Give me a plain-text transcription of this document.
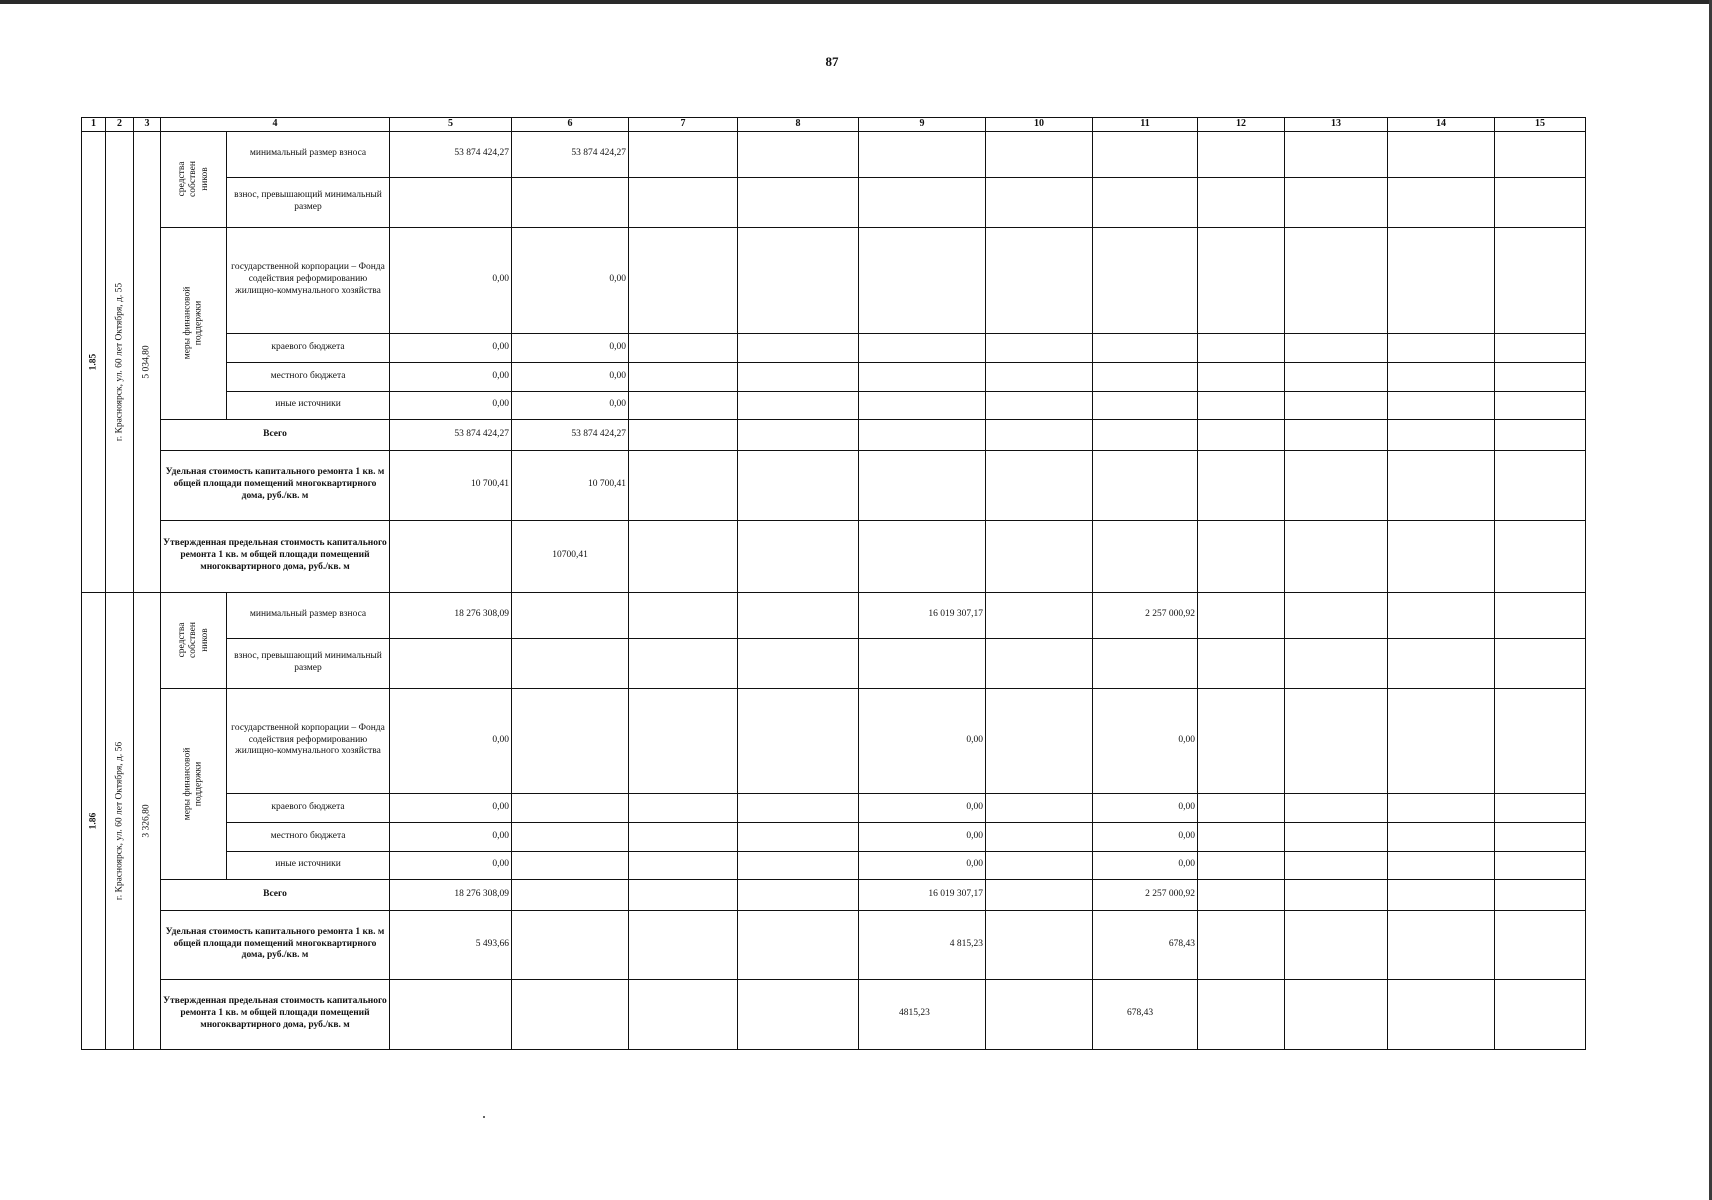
87
1	2	3	4		5	6	7	8	9	10	11	12	13	14	15

1.85	г. Красноярск, ул. 60 лет Октября, д. 55	5 034,80	средства собствен ников	минимальный размер взноса	53 874 424,27	53 874 424,27									
				взнос, превышающий минимальный размер											

			меры финансовой поддержки	государственной корпорации – Фонда содействия реформированию жилищно-коммунального хозяйства	0,00	0,00									
				краевого бюджета	0,00	0,00									
				местного бюджета	0,00	0,00									
				иные источники	0,00	0,00									
			Всего		53 874 424,27	53 874 424,27									
			Удельная стоимость капитального ремонта 1 кв. м общей площади помещений многоквартирного дома, руб./кв. м		10 700,41	10 700,41									
			Утвержденная предельная стоимость капитального ремонта 1 кв. м общей площади помещений многоквартирного дома, руб./кв. м			10700,41									

1.86	г. Красноярск, ул. 60 лет Октября, д. 56	3 326,80	средства собствен ников	минимальный размер взноса	18 276 308,09				16 019 307,17		2 257 000,92				
				взнос, превышающий минимальный размер											

			меры финансовой поддержки	государственной корпорации – Фонда содействия реформированию жилищно-коммунального хозяйства	0,00				0,00		0,00				
				краевого бюджета	0,00				0,00		0,00				
				местного бюджета	0,00				0,00		0,00				
				иные источники	0,00				0,00		0,00				
			Всего		18 276 308,09				16 019 307,17		2 257 000,92				
			Удельная стоимость капитального ремонта 1 кв. м общей площади помещений многоквартирного дома, руб./кв. м		5 493,66				4 815,23		678,43				
			Утвержденная предельная стоимость капитального ремонта 1 кв. м общей площади помещений многоквартирного дома, руб./кв. м						4815,23		678,43				
